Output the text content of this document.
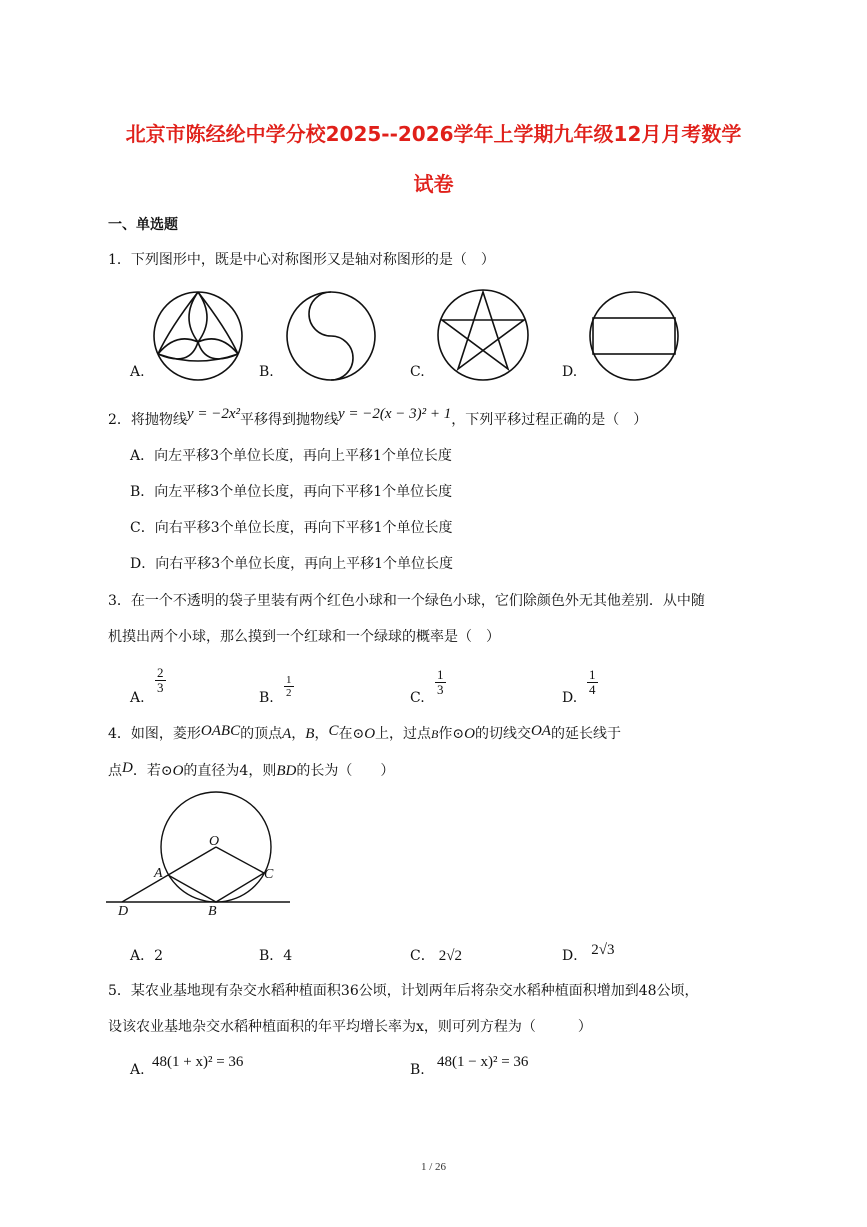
北京市陈经纶中学分校2025--2026学年上学期九年级12月月考数学
试卷
一、单选题
1．下列图形中，既是中心对称图形又是轴对称图形的是（　）
A.	B.	C.	D.
2．将抛物线y = −2x²平移得到抛物线y = −2(x − 3)² + 1，下列平移过程正确的是（　）
A．向左平移3个单位长度，再向上平移1个单位长度
B．向左平移3个单位长度，再向下平移1个单位长度
C．向右平移3个单位长度，再向下平移1个单位长度
D．向右平移3个单位长度，再向上平移1个单位长度
3．在一个不透明的袋子里装有两个红色小球和一个绿色小球，它们除颜色外无其他差别．从中随
机摸出两个小球，那么摸到一个红球和一个绿球的概率是（　）
A.
$\frac{2}{3}$
B. $\frac{1}{2}$	C.
$\frac{1}{3}$
D.
$\frac{1}{4}$
4．如图，菱形OABC的顶点A，B，C在⊙O上，过点B作⊙O的切线交OA的延长线于
点D．若⊙O的直径为4，则BD的长为（　　）
O
A	C
D	B
A．2	B．4	C． 2√2	D． 2√3
5．某农业基地现有杂交水稻种植面积36公顷，计划两年后将杂交水稻种植面积增加到48公顷，
设该农业基地杂交水稻种植面积的年平均增长率为x，则可列方程为（　　　）
A. 48(1 + x)² = 36	B. 48(1 − x)² = 36
1 / 26
